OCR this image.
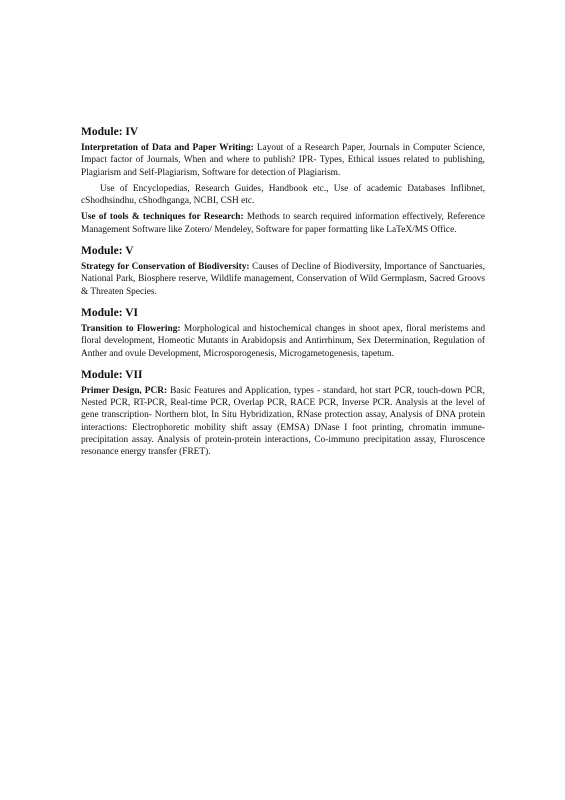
Module: IV

Interpretation of Data and Paper Writing: Layout of a Research Paper, Journals in Computer Science, Impact factor of Journals, When and where to publish? IPR- Types, Ethical issues related to publishing, Plagiarism and Self-Plagiarism, Software for detection of Plagiarism.

Use of Encyclopedias, Research Guides, Handbook etc., Use of academic Databases Inflibnet, cShodhsindhu, cShodhganga, NCBI, CSH etc.

Use of tools & techniques for Research: Methods to search required information effectively, Reference Management Software like Zotero/ Mendeley, Software for paper formatting like LaTeX/MS Office.

Module: V

Strategy for Conservation of Biodiversity: Causes of Decline of Biodiversity, Importance of Sanctuaries, National Park, Biosphere reserve, Wildlife management, Conservation of Wild Germplasm, Sacred Groovs & Threaten Species.

Module: VI

Transition to Flowering: Morphological and histochemical changes in shoot apex, floral meristems and floral development, Homeotic Mutants in Arabidopsis and Antirrhinum, Sex Determination, Regulation of Anther and ovule Development, Microsporogenesis, Microgametogenesis, tapetum.

Module: VII

Primer Design, PCR: Basic Features and Application, types - standard, hot start PCR, touch-down PCR, Nested PCR, RT-PCR, Real-time PCR, Overlap PCR, RACE PCR, Inverse PCR. Analysis at the level of gene transcription- Northern blot, In Situ Hybridization, RNase protection assay, Analysis of DNA protein interactions: Electrophoretic mobility shift assay (EMSA) DNase I foot printing, chromatin immune-precipitation assay. Analysis of protein-protein interactions, Co-immuno precipitation assay, Fluroscence resonance energy transfer (FRET).
